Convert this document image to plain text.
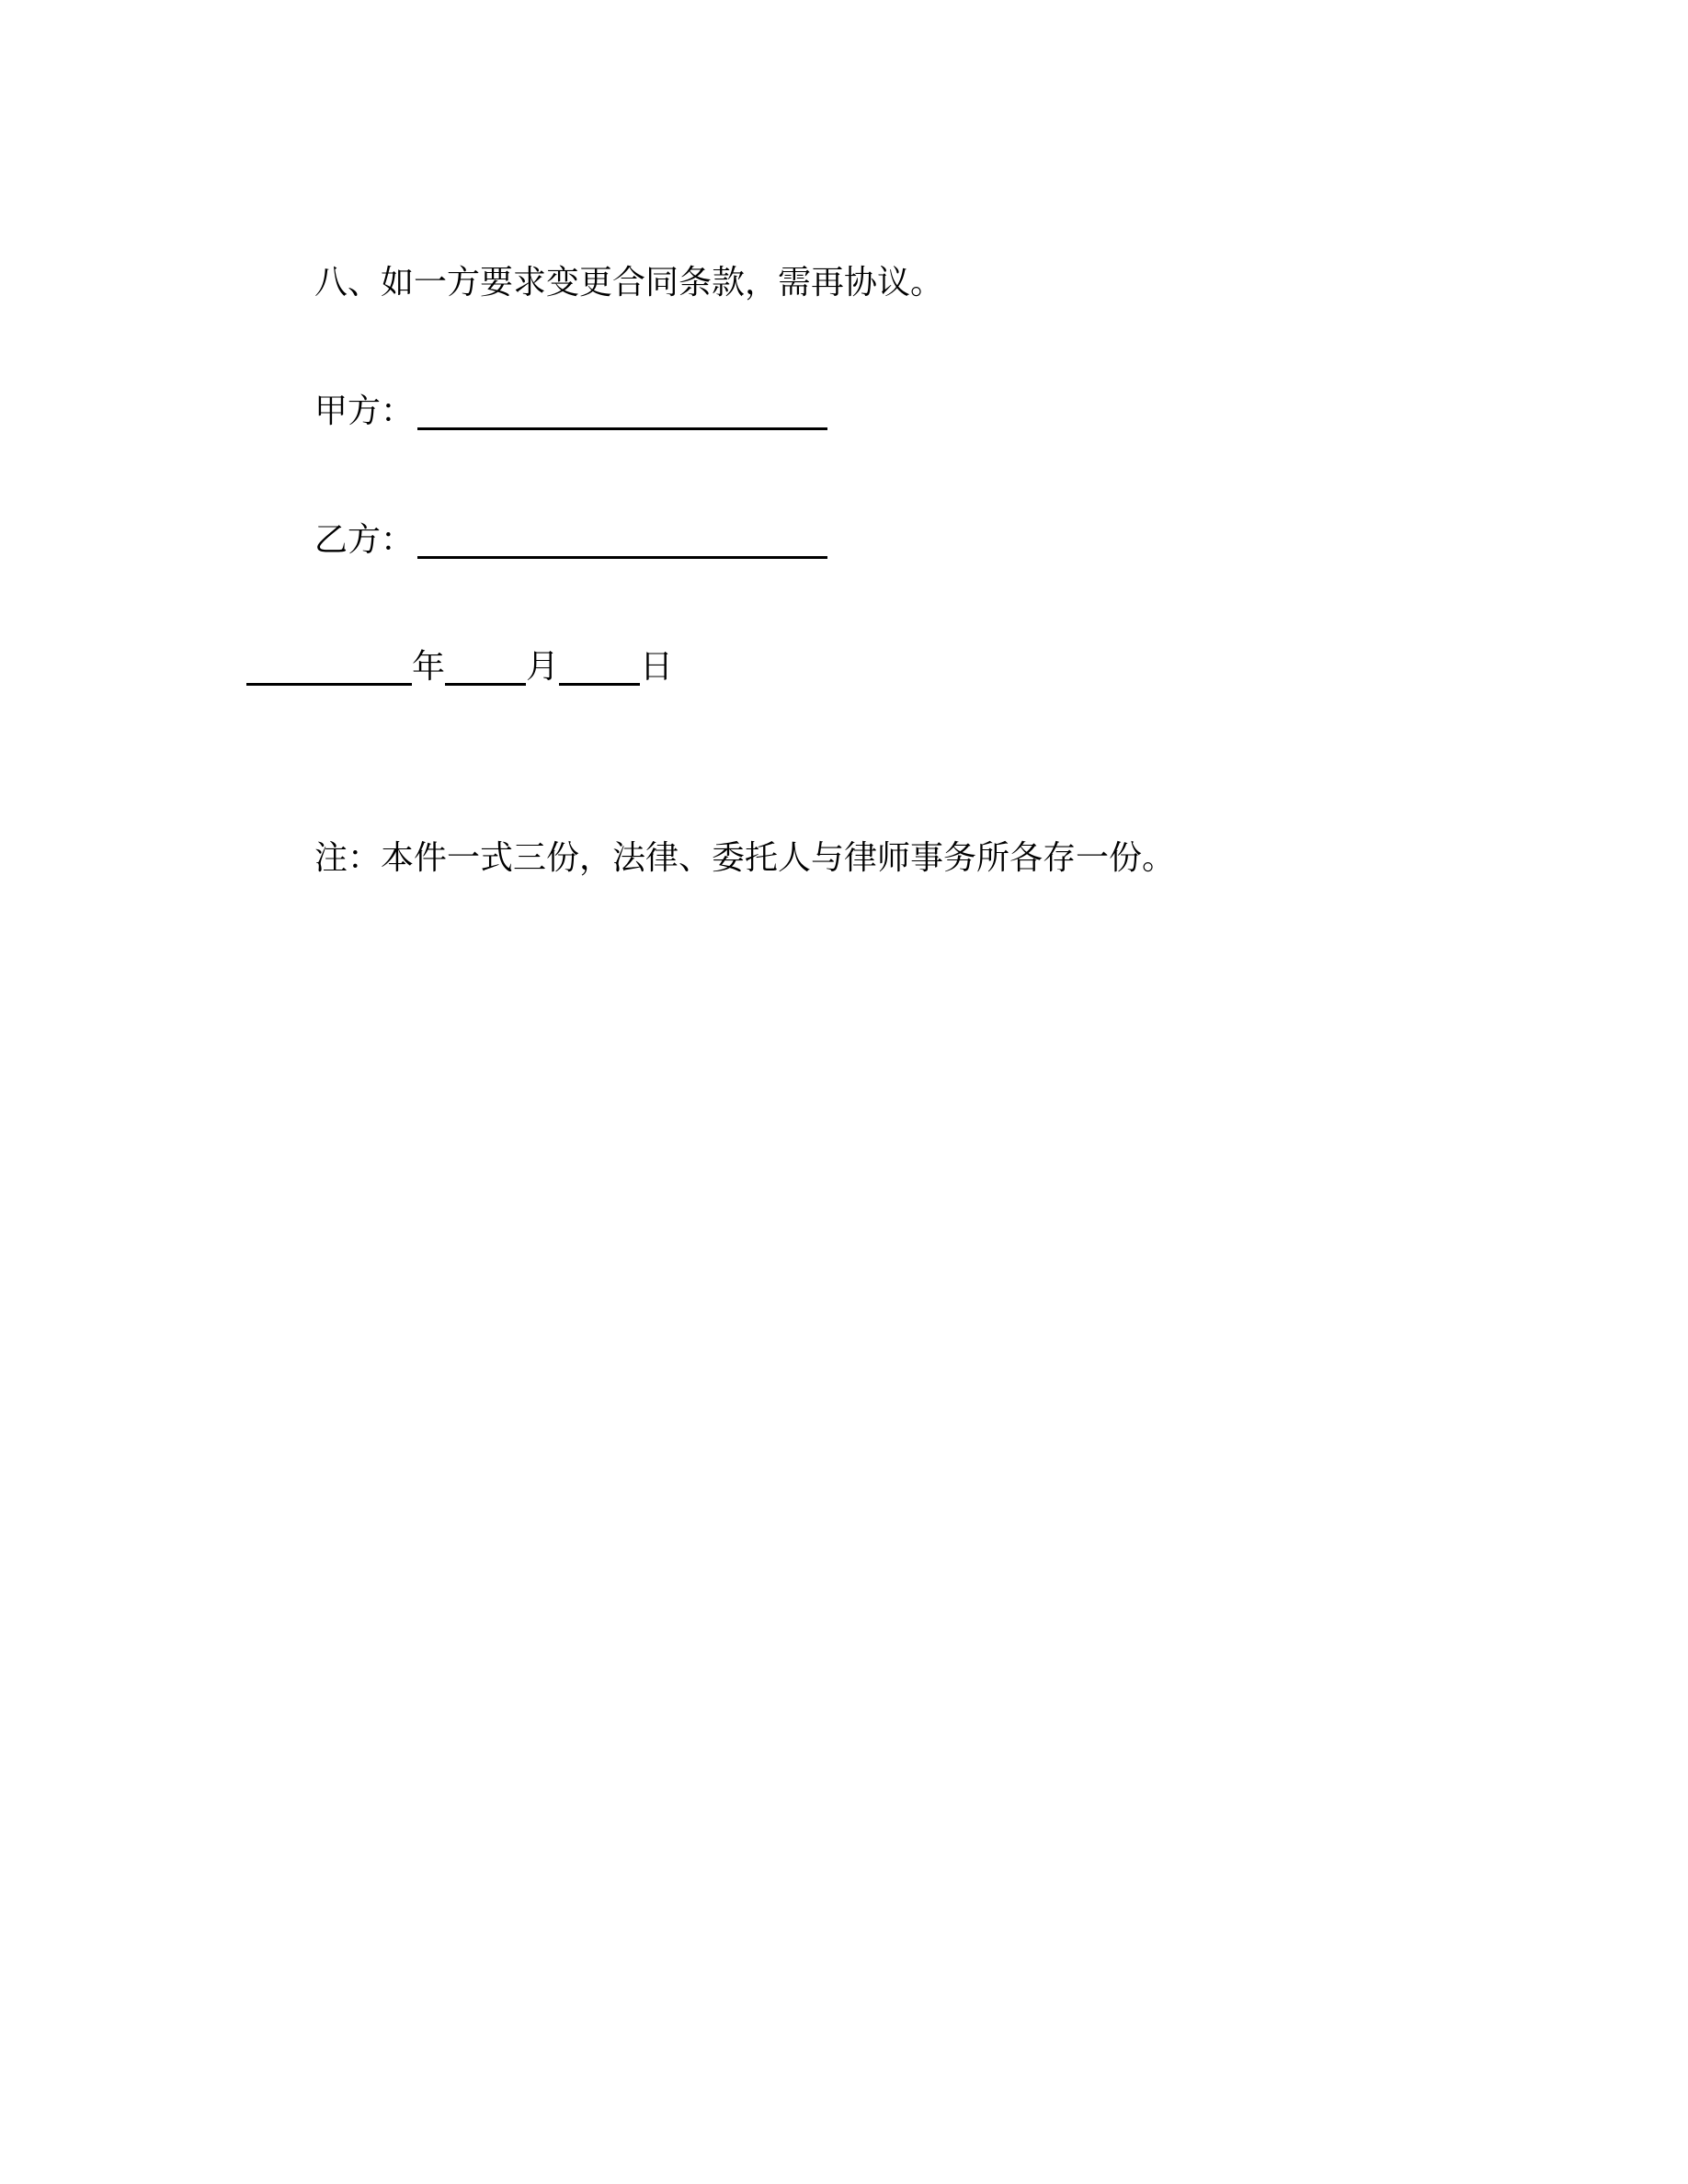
八、如一方要求变更合同条款，需再协议。
甲方：
乙方：
年 月 日
注：本件一式三份，法律、委托人与律师事务所各存一份。
